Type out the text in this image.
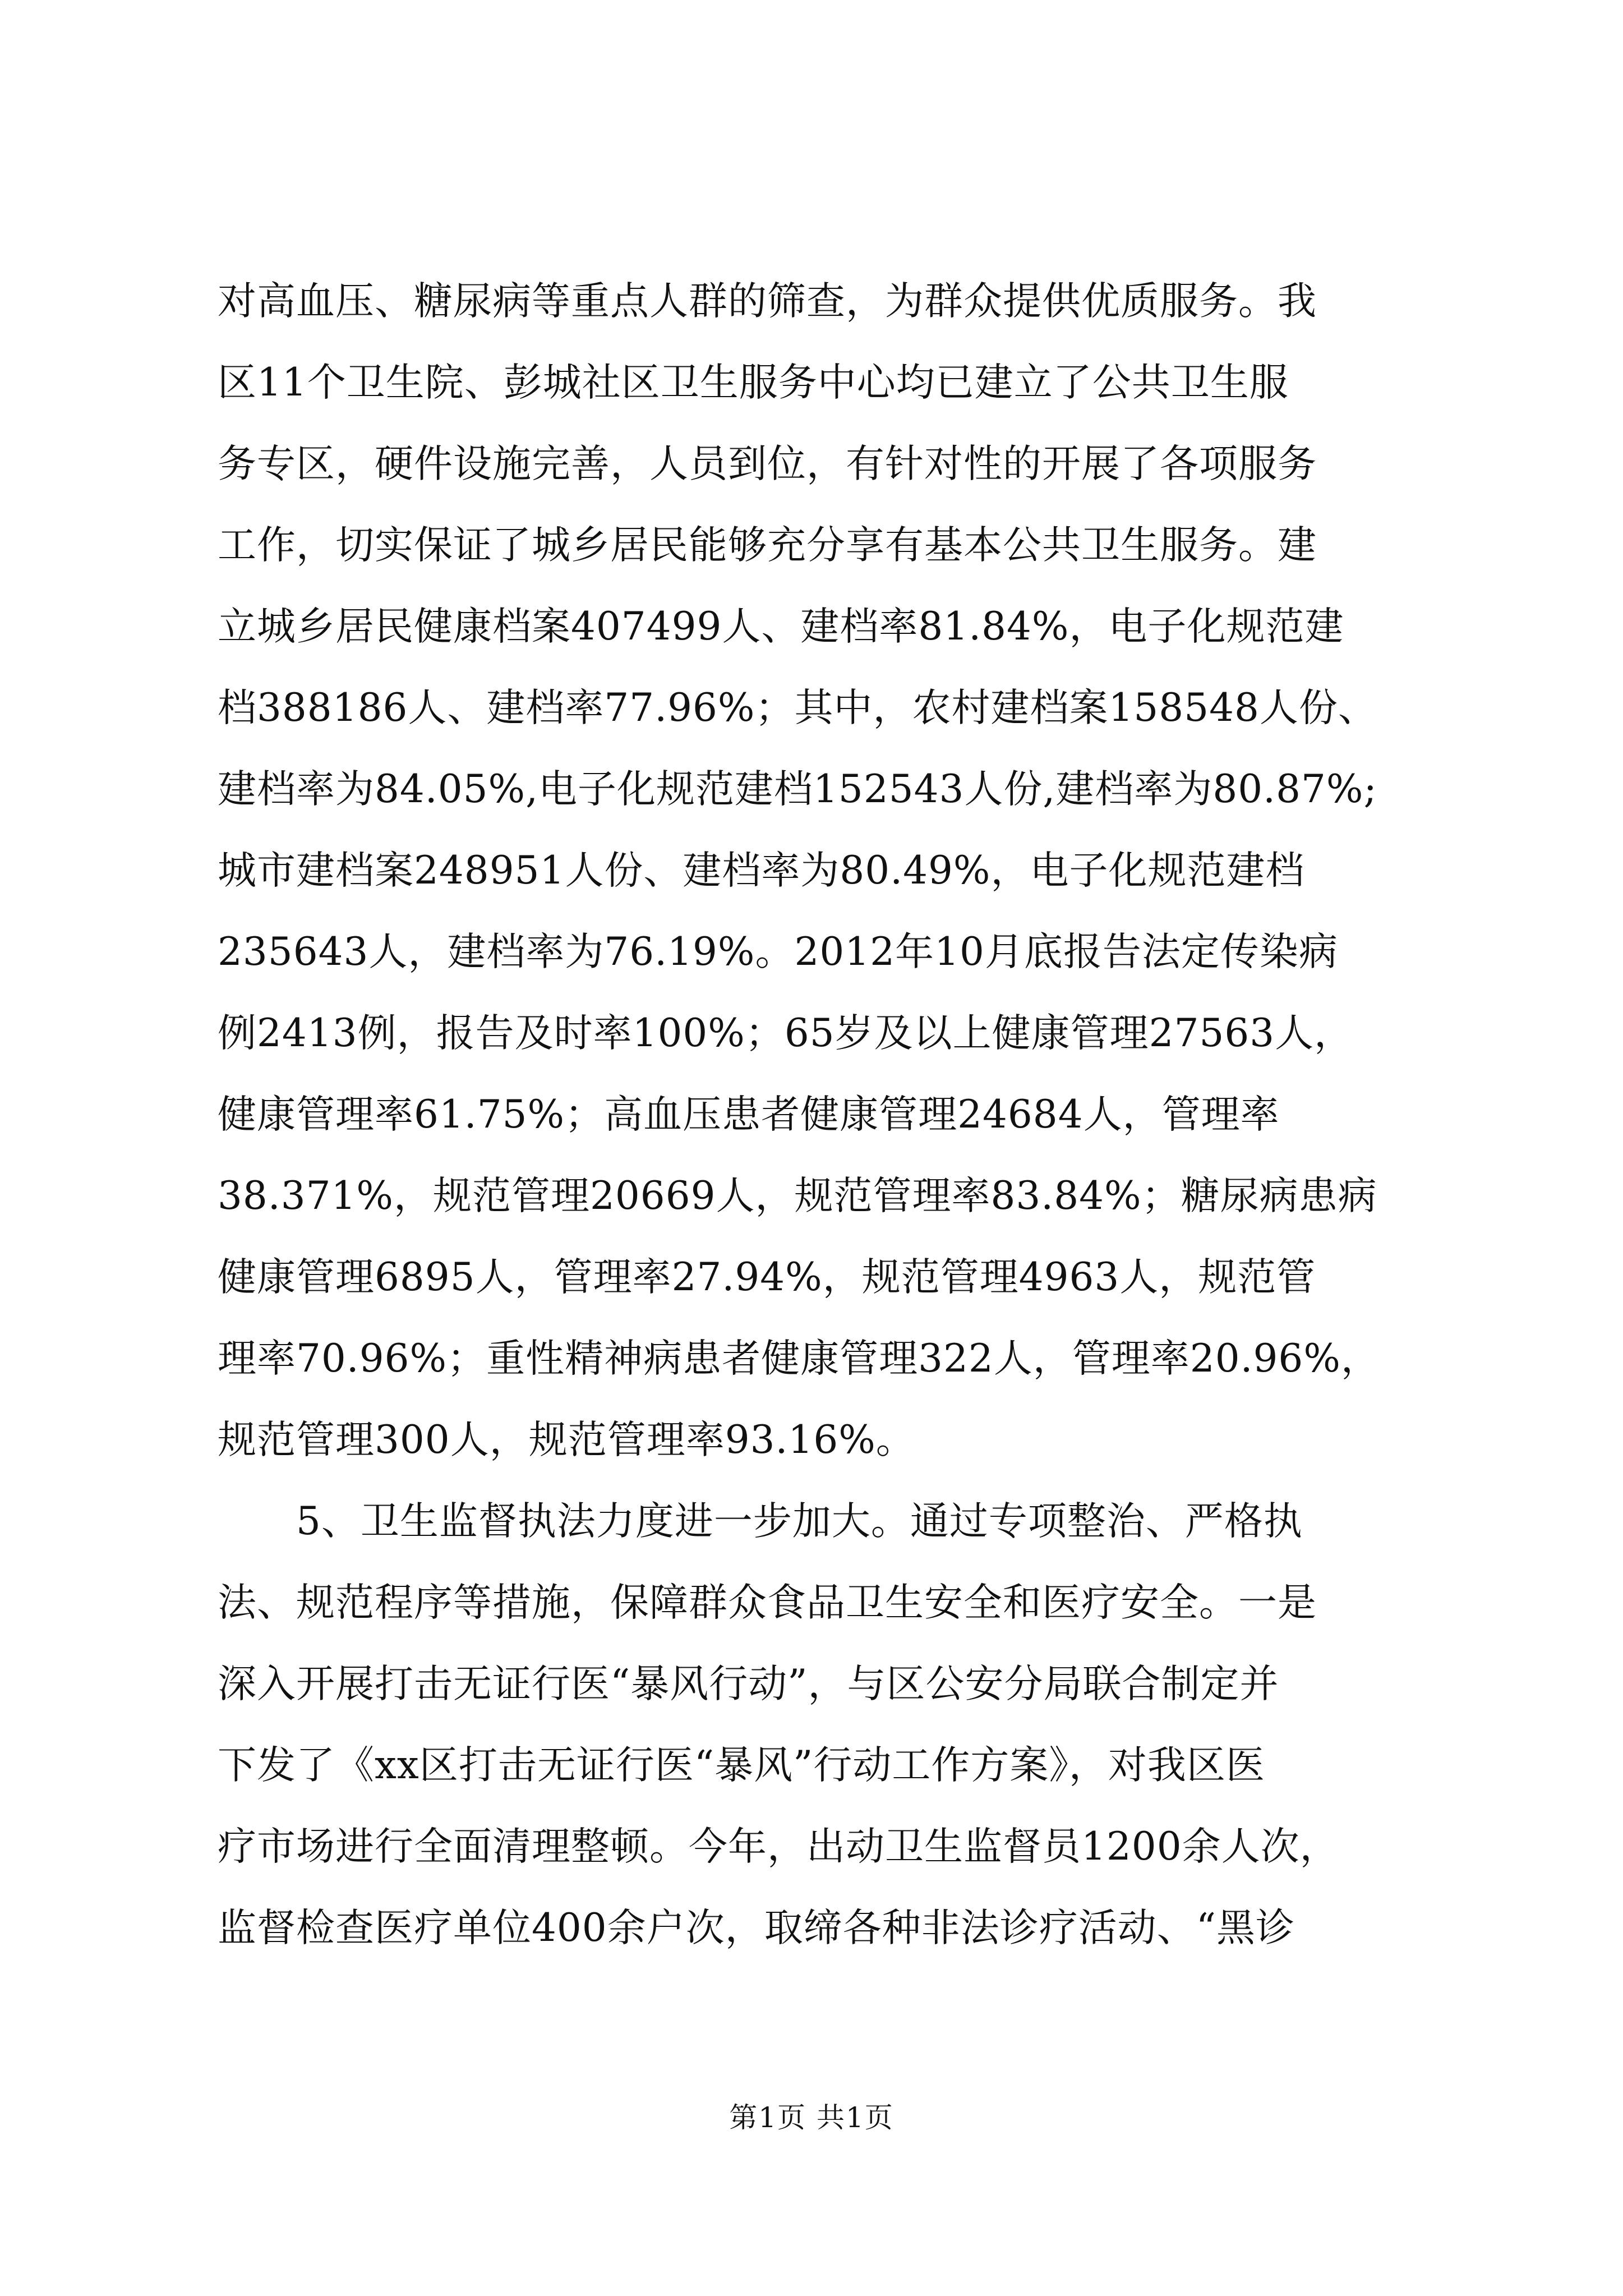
对高血压、糖尿病等重点人群的筛查，为群众提供优质服务。我
区11个卫生院、彭城社区卫生服务中心均已建立了公共卫生服
务专区，硬件设施完善，人员到位，有针对性的开展了各项服务
工作，切实保证了城乡居民能够充分享有基本公共卫生服务。建
立城乡居民健康档案407499人、建档率81.84%，电子化规范建
档388186人、建档率77.96%；其中，农村建档案158548人份、
建档率为84.05%,电子化规范建档152543人份,建档率为80.87%;
城市建档案248951人份、建档率为80.49%，电子化规范建档
235643人，建档率为76.19%。2012年10月底报告法定传染病
例2413例，报告及时率100%；65岁及以上健康管理27563人，
健康管理率61.75%；高血压患者健康管理24684人，管理率
38.371%，规范管理20669人，规范管理率83.84%；糖尿病患病
健康管理6895人，管理率27.94%，规范管理4963人，规范管
理率70.96%；重性精神病患者健康管理322人，管理率20.96%，
规范管理300人，规范管理率93.16%。
5、卫生监督执法力度进一步加大。通过专项整治、严格执
法、规范程序等措施，保障群众食品卫生安全和医疗安全。一是
深入开展打击无证行医“暴风行动”，与区公安分局联合制定并
下发了《xx区打击无证行医“暴风”行动工作方案》，对我区医
疗市场进行全面清理整顿。今年，出动卫生监督员1200余人次，
监督检查医疗单位400余户次，取缔各种非法诊疗活动、“黑诊
第1页 共1页
